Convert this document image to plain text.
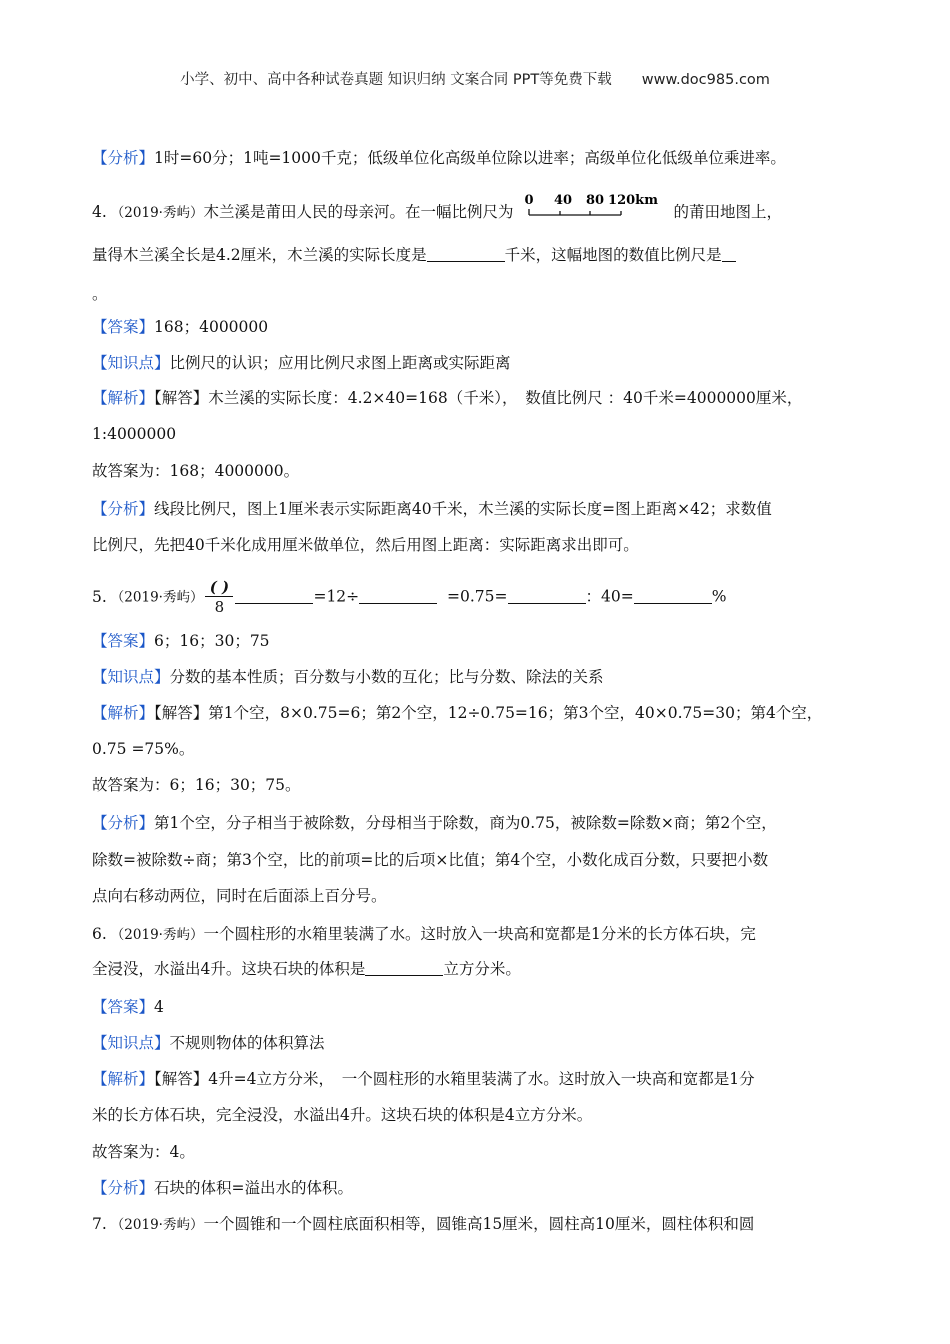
小学、初中、高中各种试卷真题 知识归纳 文案合同 PPT等免费下载 www.doc985.com
【分析】1时=60分；1吨=1000千克；低级单位化高级单位除以进率；高级单位化低级单位乘进率。
4. （2019·秀屿）木兰溪是莆田人民的母亲河。在一幅比例尺为
0 40 80 120km
的莆田地图上，
量得木兰溪全长是4.2厘米，木兰溪的实际长度是	千米，这幅地图的数值比例尺是
。
【答案】168；4000000
【知识点】比例尺的认识；应用比例尺求图上距离或实际距离
【解析】【解答】木兰溪的实际长度：4.2×40=168（千米），　数值比例尺 ：40千米=4000000厘米，
1:4000000
故答案为：168；4000000。
【分析】线段比例尺，图上1厘米表示实际距离40千米，木兰溪的实际长度=图上距离×42；求数值
比例尺，先把40千米化成用厘米做单位，然后用图上距离：实际距离求出即可。
5. （2019·秀屿） $\frac{( )}{8}$	=12÷	=0.75=	：40=	%
【答案】6；16；30；75
【知识点】分数的基本性质；百分数与小数的互化；比与分数、除法的关系
【解析】【解答】第1个空，8×0.75=6；第2个空，12÷0.75=16；第3个空，40×0.75=30；第4个空，
0.75 =75%。
故答案为：6；16；30；75。
【分析】第1个空，分子相当于被除数，分母相当于除数，商为0.75，被除数=除数×商；第2个空，
除数=被除数÷商；第3个空，比的前项=比的后项×比值；第4个空，小数化成百分数，只要把小数
点向右移动两位，同时在后面添上百分号。
6. （2019·秀屿）一个圆柱形的水箱里装满了水。这时放入一块高和宽都是1分米的长方体石块，完
全浸没，水溢出4升。这块石块的体积是	立方分米。
【答案】4
【知识点】不规则物体的体积算法
【解析】【解答】4升=4立方分米，　一个圆柱形的水箱里装满了水。这时放入一块高和宽都是1分
米的长方体石块，完全浸没，水溢出4升。这块石块的体积是4立方分米。
故答案为：4。
【分析】石块的体积=溢出水的体积。
7. （2019·秀屿）一个圆锥和一个圆柱底面积相等，圆锥高15厘米，圆柱高10厘米，圆柱体积和圆
